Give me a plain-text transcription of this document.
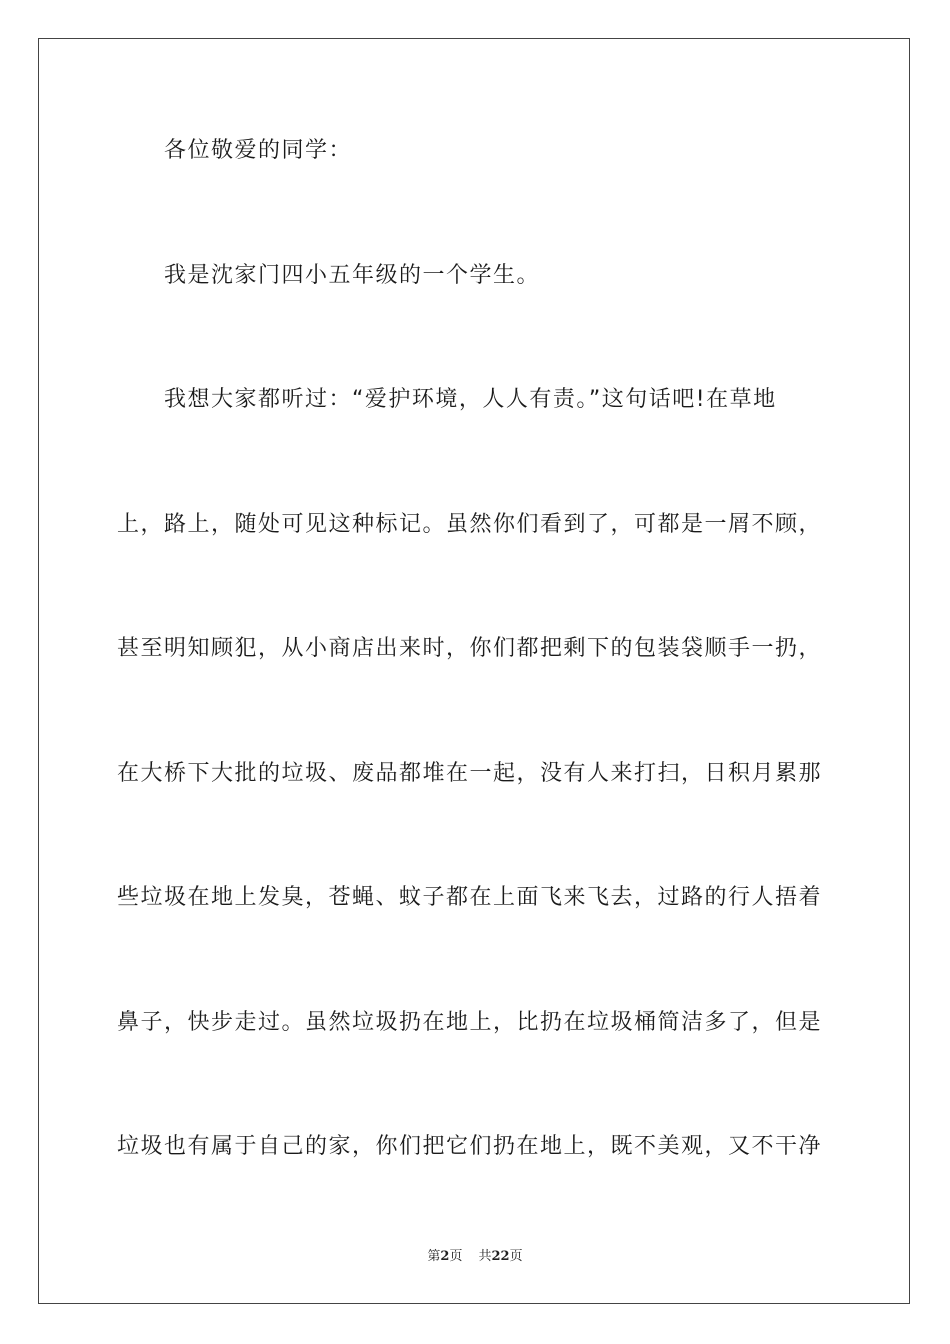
各位敬爱的同学：
我是沈家门四小五年级的一个学生。
我想大家都听过：“爱护环境，人人有责。”这句话吧!在草地
上，路上，随处可见这种标记。虽然你们看到了，可都是一屑不顾，
甚至明知顾犯，从小商店出来时，你们都把剩下的包装袋顺手一扔，
在大桥下大批的垃圾、废品都堆在一起，没有人来打扫，日积月累那
些垃圾在地上发臭，苍蝇、蚊子都在上面飞来飞去，过路的行人捂着
鼻子，快步走过。虽然垃圾扔在地上，比扔在垃圾桶简洁多了，但是
垃圾也有属于自己的家，你们把它们扔在地上，既不美观，又不干净
第2页 共22页
